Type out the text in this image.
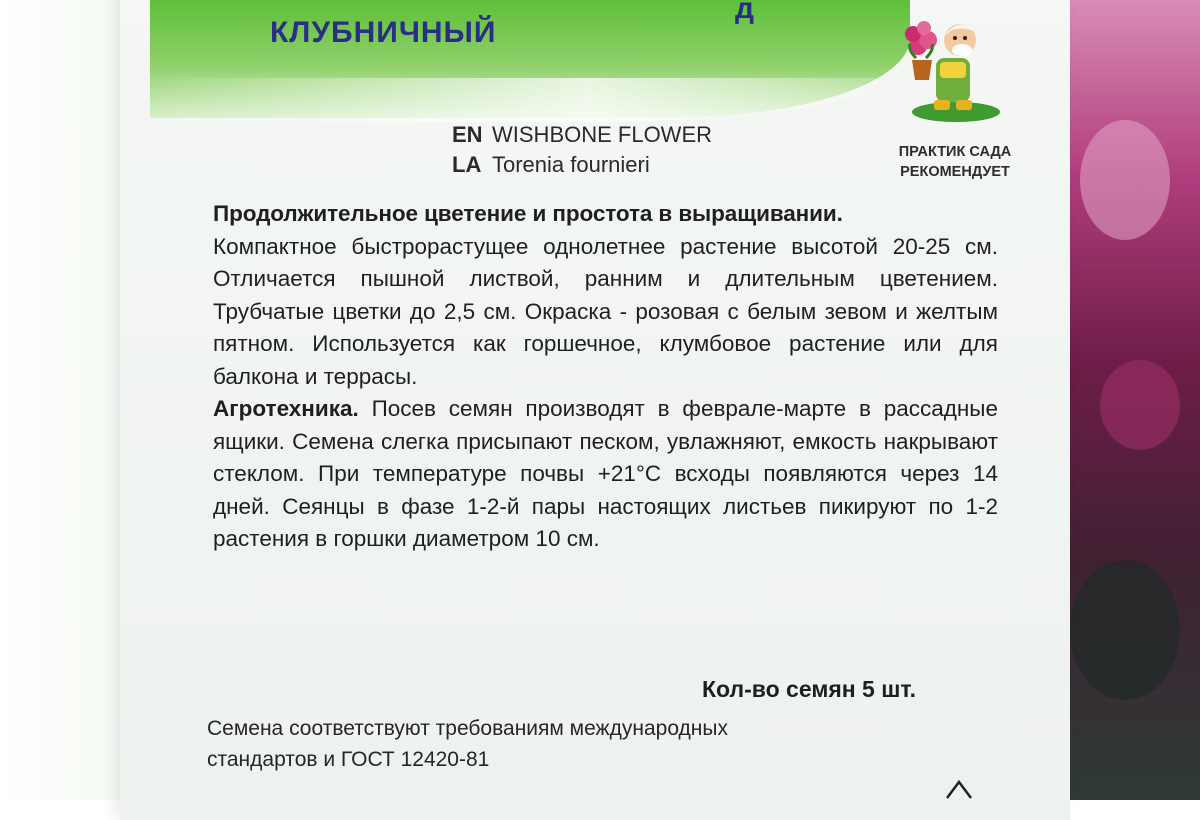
д
КЛУБНИЧНЫЙ
ПРАКТИК САДА
РЕКОМЕНДУЕТ
EN WISHBONE FLOWER
LA Torenia fournieri

Продолжительное цветение и простота в выращивании.
Компактное быстрорастущее однолетнее растение высотой 20-25 см. Отличается пышной листвой, ранним и длительным цветением. Трубчатые цветки до 2,5 см. Окраска - розовая с белым зевом и желтым пятном. Используется как горшечное, клумбовое растение или для балкона и террасы.

Агротехника. Посев семян производят в феврале-марте в рассадные ящики. Семена слегка присыпают песком, увлажняют, емкость накрывают стеклом. При температуре почвы +21°С всходы появляются через 14 дней. Сеянцы в фазе 1-2-й пары настоящих листьев пикируют по 1-2 растения в горшки диаметром 10 см.

Кол-во семян 5 шт.
Семена соответствуют требованиям международных
стандартов и ГОСТ 12420-81
